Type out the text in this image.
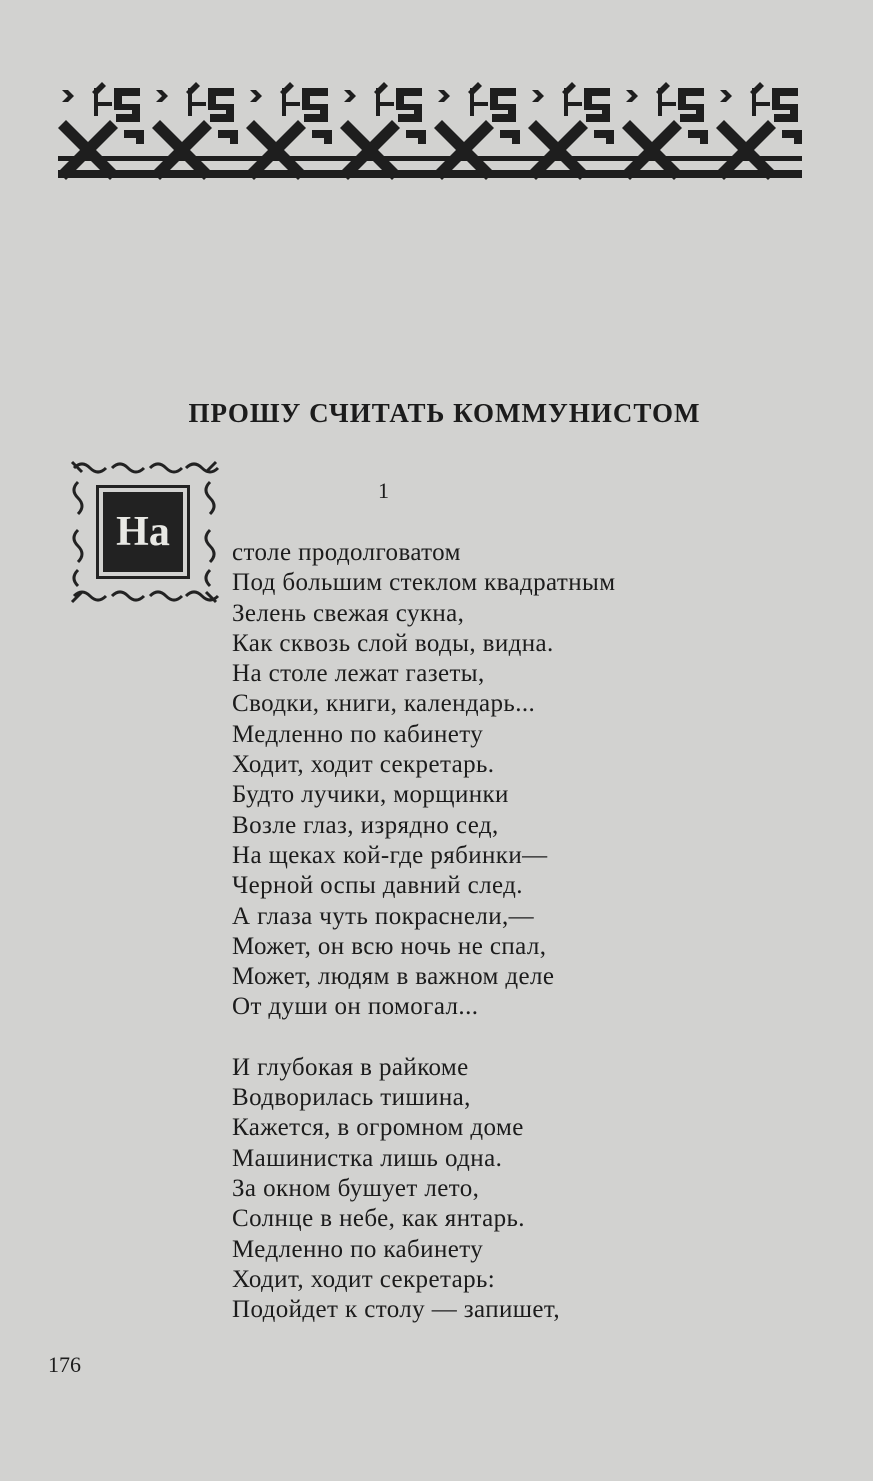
ПРОШУ СЧИТАТЬ КОММУНИСТОМ
1
На	столе продолговатом
Под большим стеклом квадратным
Зелень свежая сукна,
Как сквозь слой воды, видна.
На столе лежат газеты,
Сводки, книги, календарь...
Медленно по кабинету
Ходит, ходит секретарь.
Будто лучики, морщинки
Возле глаз, изрядно сед,
На щеках кой-где рябинки—
Черной оспы давний след.
А глаза чуть покраснели,—
Может, он всю ночь не спал,
Может, людям в важном деле
От души он помогал...
И глубокая в райкоме
Водворилась тишина,
Кажется, в огромном доме
Машинистка лишь одна.
За окном бушует лето,
Солнце в небе, как янтарь.
Медленно по кабинету
Ходит, ходит секретарь:
Подойдет к столу — запишет,
176
